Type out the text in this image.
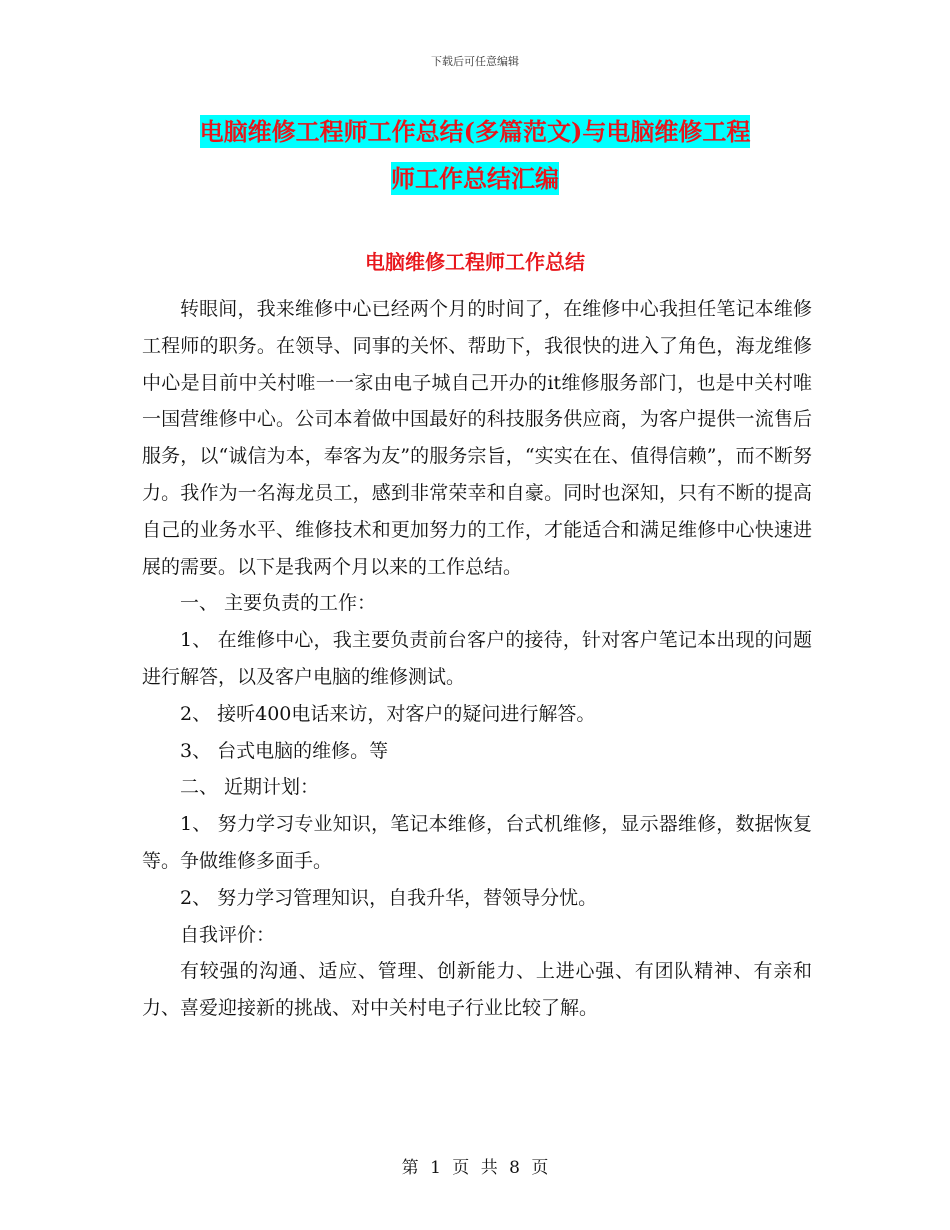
下载后可任意编辑
电脑维修工程师工作总结(多篇范文)与电脑维修工程
师工作总结汇编
电脑维修工程师工作总结

转眼间，我来维修中心已经两个月的时间了，在维修中心我担任笔记本维修工程师的职务。在领导、同事的关怀、帮助下，我很快的进入了角色，海龙维修中心是目前中关村唯一一家由电子城自己开办的it维修服务部门，也是中关村唯一国营维修中心。公司本着做中国最好的科技服务供应商，为客户提供一流售后服务，以“诚信为本，奉客为友”的服务宗旨，“实实在在、值得信赖”，而不断努力。我作为一名海龙员工，感到非常荣幸和自豪。同时也深知，只有不断的提高自己的业务水平、维修技术和更加努力的工作，才能适合和满足维修中心快速进展的需要。以下是我两个月以来的工作总结。

一、 主要负责的工作：

1、 在维修中心，我主要负责前台客户的接待，针对客户笔记本出现的问题进行解答，以及客户电脑的维修测试。

2、 接听400电话来访，对客户的疑问进行解答。

3、 台式电脑的维修。等

二、 近期计划：

1、 努力学习专业知识，笔记本维修，台式机维修，显示器维修，数据恢复等。争做维修多面手。

2、 努力学习管理知识，自我升华，替领导分忧。

自我评价：

有较强的沟通、适应、管理、创新能力、上进心强、有团队精神、有亲和力、喜爱迎接新的挑战、对中关村电子行业比较了解。

第 1 页 共 8 页
